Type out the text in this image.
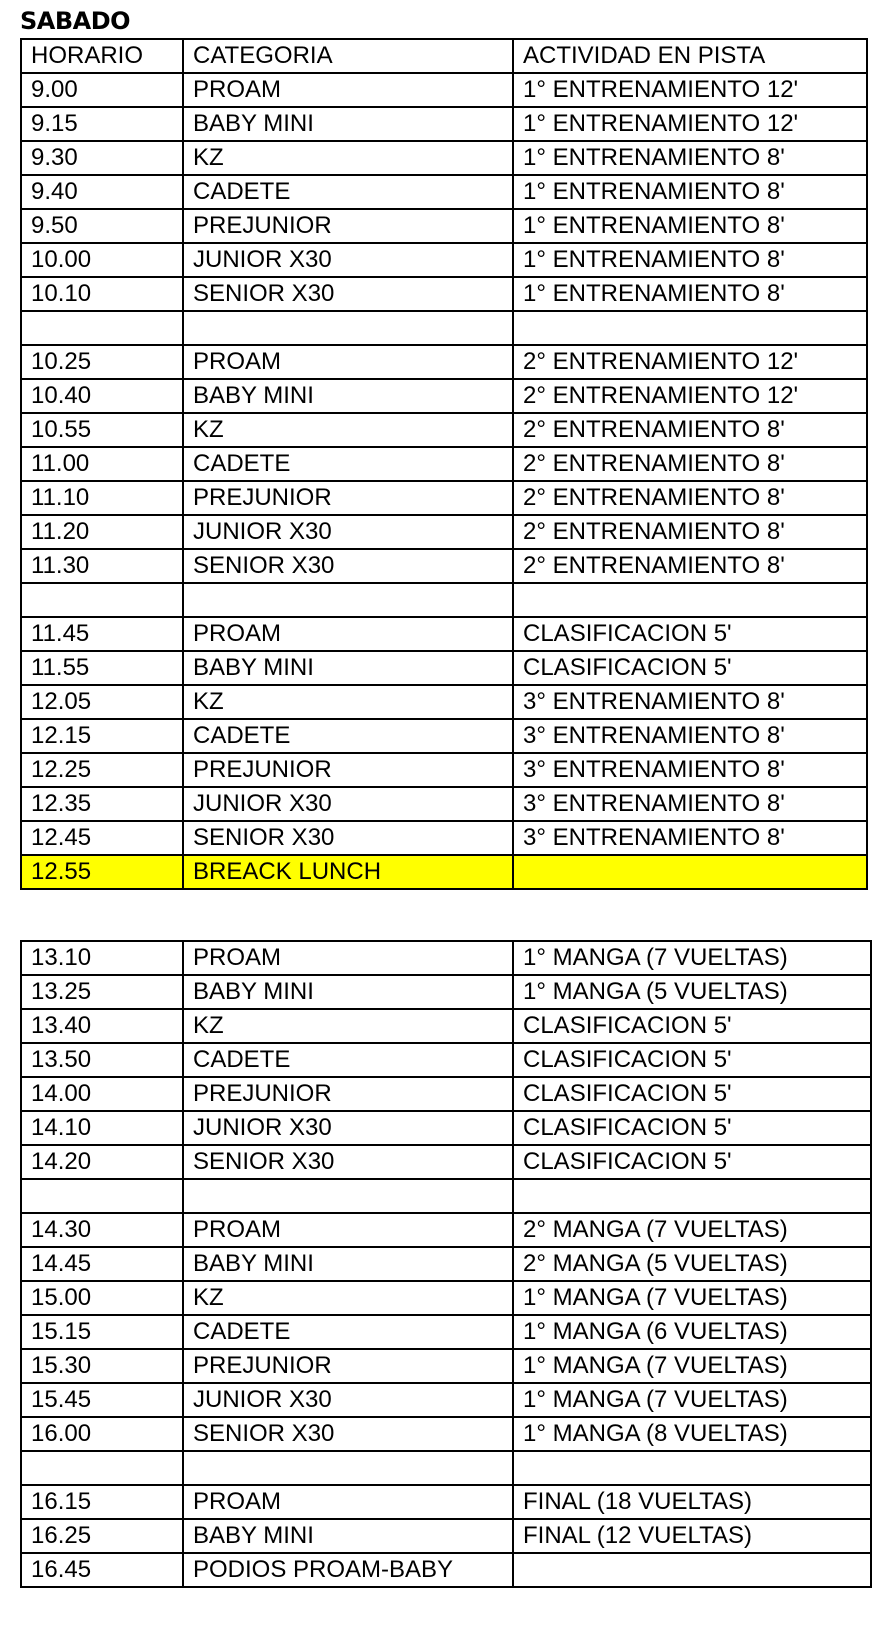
SABADO
HORARIO	CATEGORIA	ACTIVIDAD EN PISTA
9.00	PROAM	1° ENTRENAMIENTO 12'
9.15	BABY MINI	1° ENTRENAMIENTO 12'
9.30	KZ	1° ENTRENAMIENTO 8'
9.40	CADETE	1° ENTRENAMIENTO 8'
9.50	PREJUNIOR	1° ENTRENAMIENTO 8'
10.00	JUNIOR X30	1° ENTRENAMIENTO 8'
10.10	SENIOR X30	1° ENTRENAMIENTO 8'

10.25	PROAM	2° ENTRENAMIENTO 12'
10.40	BABY MINI	2° ENTRENAMIENTO 12'
10.55	KZ	2° ENTRENAMIENTO 8'
11.00	CADETE	2° ENTRENAMIENTO 8'
11.10	PREJUNIOR	2° ENTRENAMIENTO 8'
11.20	JUNIOR X30	2° ENTRENAMIENTO 8'
11.30	SENIOR X30	2° ENTRENAMIENTO 8'

11.45	PROAM	CLASIFICACION 5'
11.55	BABY MINI	CLASIFICACION 5'
12.05	KZ	3° ENTRENAMIENTO 8'
12.15	CADETE	3° ENTRENAMIENTO 8'
12.25	PREJUNIOR	3° ENTRENAMIENTO 8'
12.35	JUNIOR X30	3° ENTRENAMIENTO 8'
12.45	SENIOR X30	3° ENTRENAMIENTO 8'
12.55	BREACK LUNCH	
13.10	PROAM	1° MANGA (7 VUELTAS)
13.25	BABY MINI	1° MANGA (5 VUELTAS)
13.40	KZ	CLASIFICACION 5'
13.50	CADETE	CLASIFICACION 5'
14.00	PREJUNIOR	CLASIFICACION 5'
14.10	JUNIOR X30	CLASIFICACION 5'
14.20	SENIOR X30	CLASIFICACION 5'

14.30	PROAM	2° MANGA (7 VUELTAS)
14.45	BABY MINI	2° MANGA (5 VUELTAS)
15.00	KZ	1° MANGA (7 VUELTAS)
15.15	CADETE	1° MANGA (6 VUELTAS)
15.30	PREJUNIOR	1° MANGA (7 VUELTAS)
15.45	JUNIOR X30	1° MANGA (7 VUELTAS)
16.00	SENIOR X30	1° MANGA (8 VUELTAS)

16.15	PROAM	FINAL (18 VUELTAS)
16.25	BABY MINI	FINAL (12 VUELTAS)
16.45	PODIOS PROAM-BABY	
